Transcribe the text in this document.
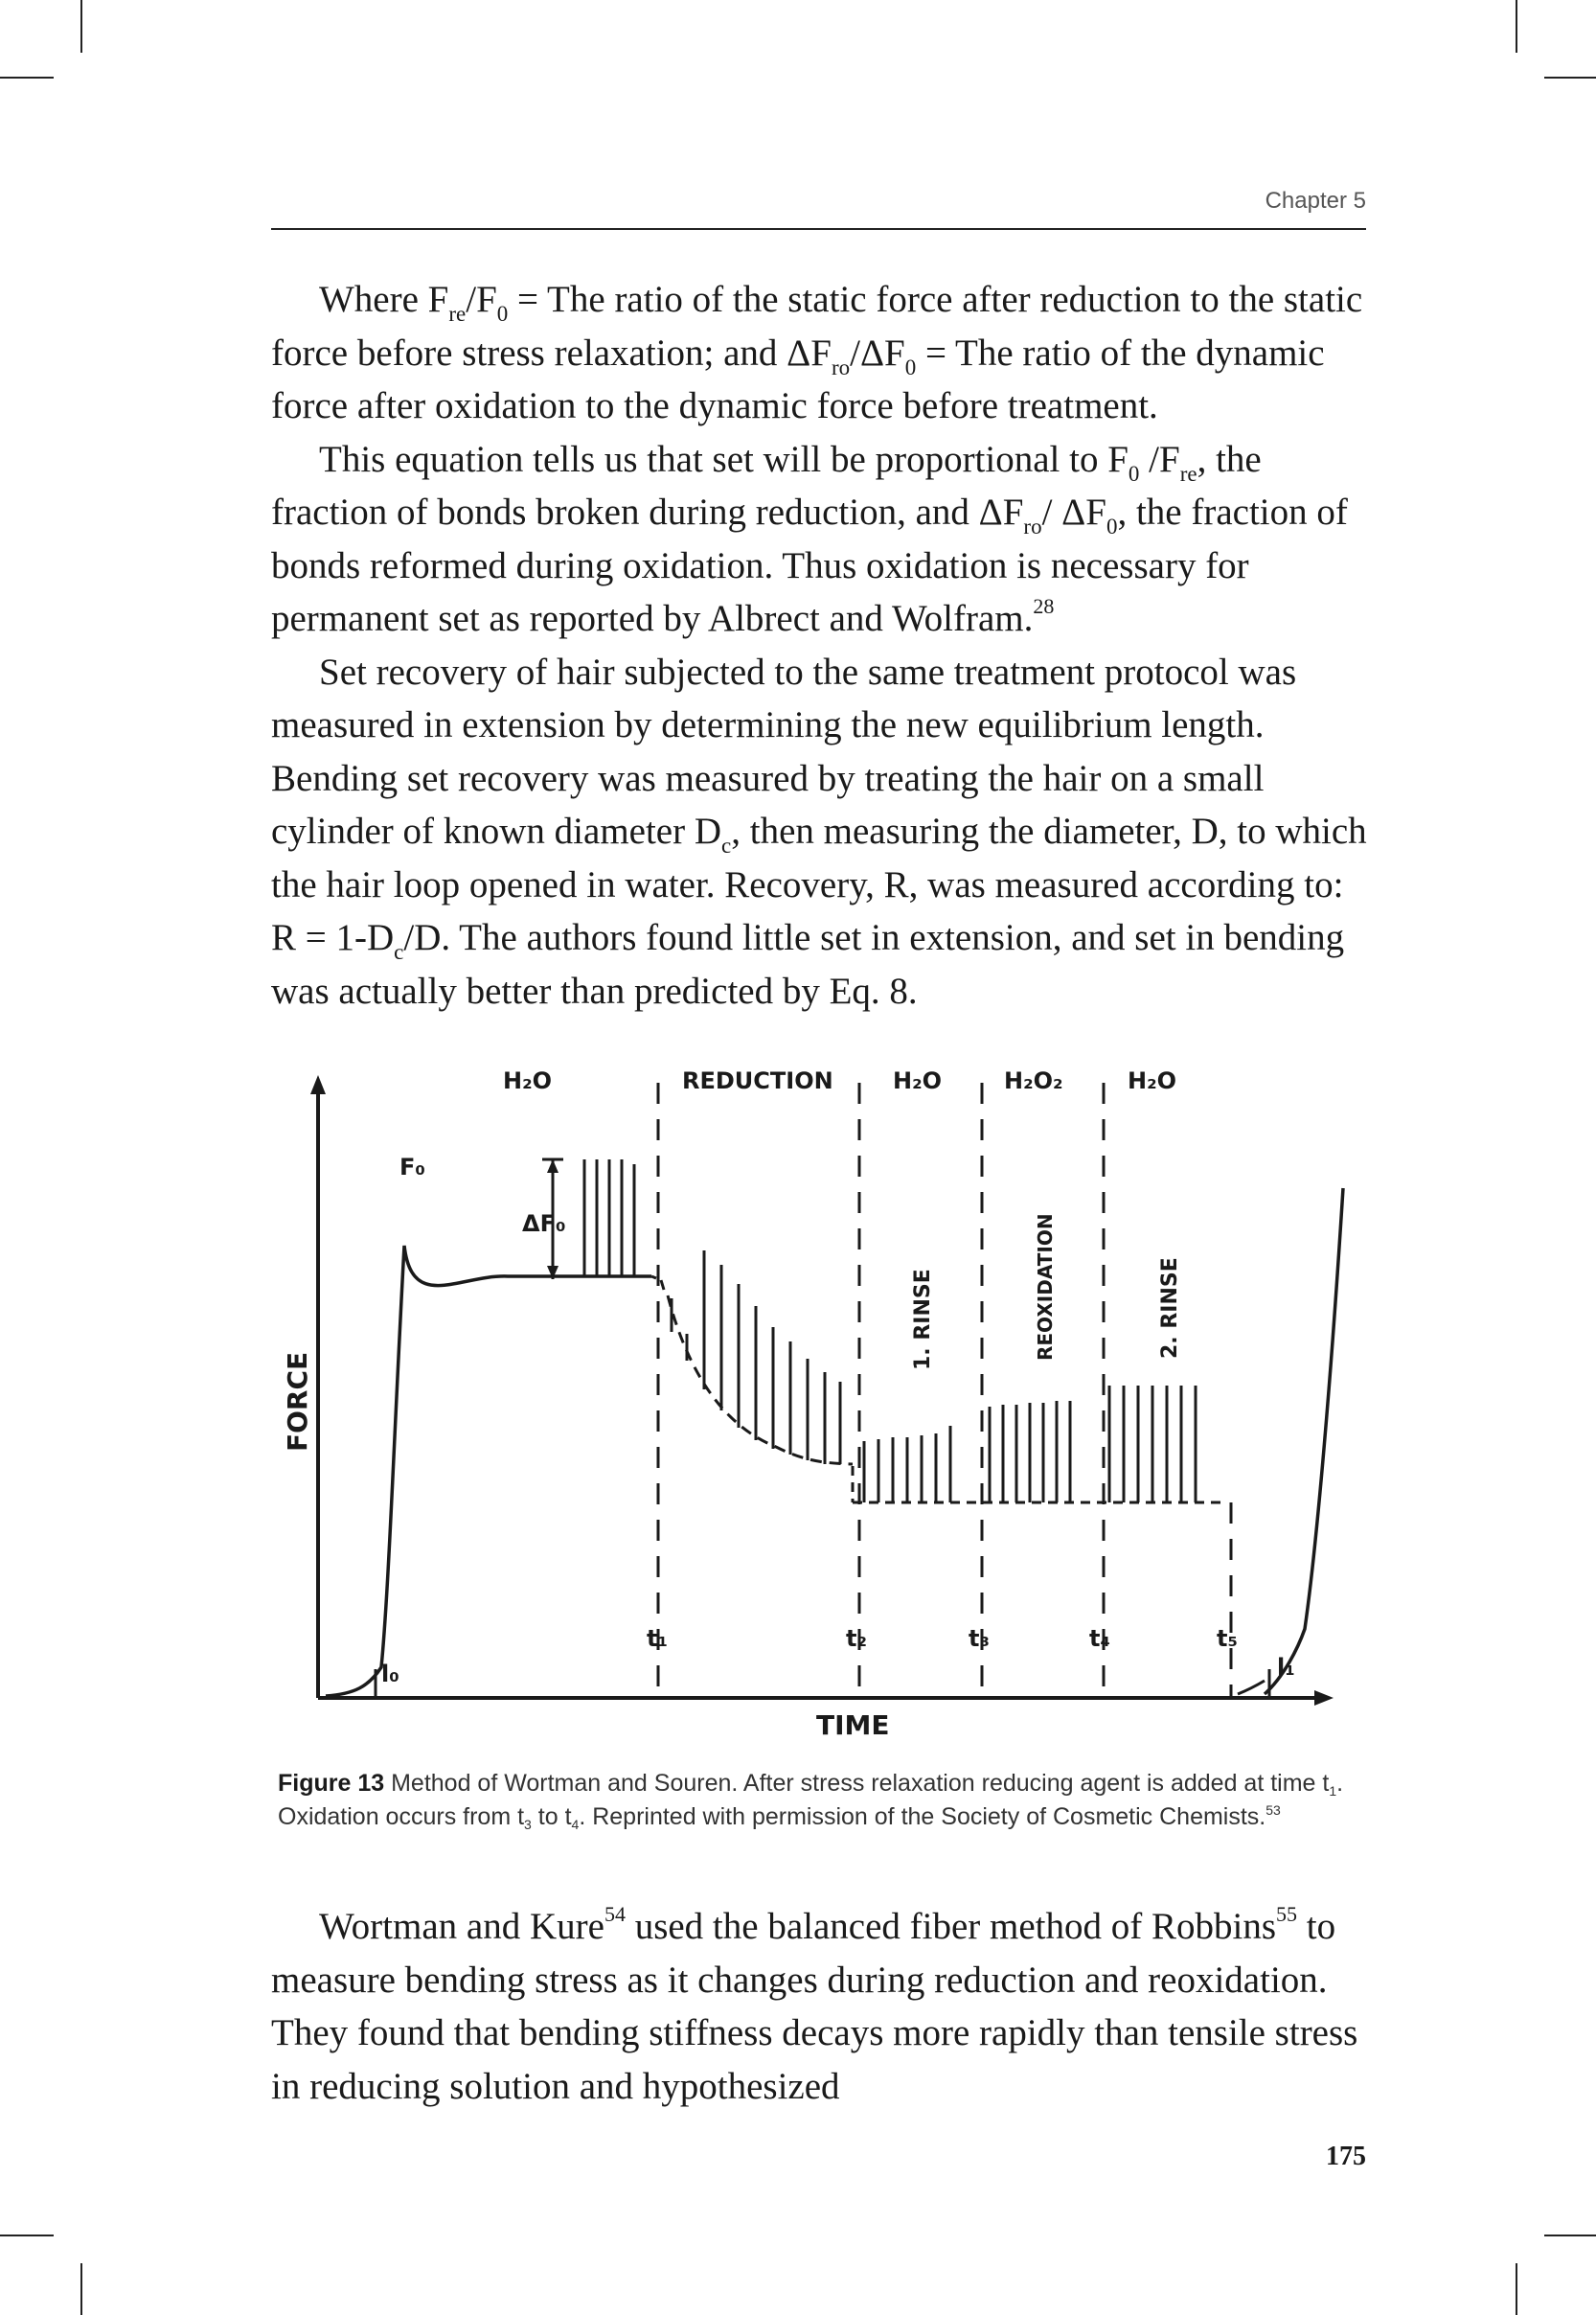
Chapter 5

Where $F_{re}/F_0$ = The ratio of the static force after reduction to the static force before stress relaxation; and $\Delta F_{ro}/\Delta F_0$ = The ratio of the dynamic force after oxidation to the dynamic force before treatment.

This equation tells us that set will be proportional to $F_0$ $/F_{re}$, the fraction of bonds broken during reduction, and $\Delta F_{ro}/$ $\Delta F_0$, the fraction of bonds reformed during oxidation. Thus oxidation is necessary for permanent set as reported by Albrect and Wolfram.$^{28}$

Set recovery of hair subjected to the same treatment protocol was measured in extension by determining the new equilibrium length. Bending set recovery was measured by treating the hair on a small cylinder of known diameter $D_c$, then measuring the diameter, D, to which the hair loop opened in water. Recovery, R, was measured according to: $R = 1-D_c/D$. The authors found little set in extension, and set in bending was actually better than predicted by Eq. 8.

H₂O	REDUCTION	H₂O	H₂O₂	H₂O
F₀
ΔF₀
1. RINSE	REOXIDATION	2. RINSE
FORCE
TIME
t₁	t₂	t₃	t₄	t₅
l₀	l₁
Figure 13 Method of Wortman and Souren. After stress relaxation reducing agent is added at time $t_1$. Oxidation occurs from $t_3$ to $t_4$. Reprinted with permission of the Society of Cosmetic Chemists.$^{53}$

Wortman and Kure$^{54}$ used the balanced fiber method of Robbins$^{55}$ to measure bending stress as it changes during reduction and reoxidation. They found that bending stiffness decays more rapidly than tensile stress in reducing solution and hypothesized

175
